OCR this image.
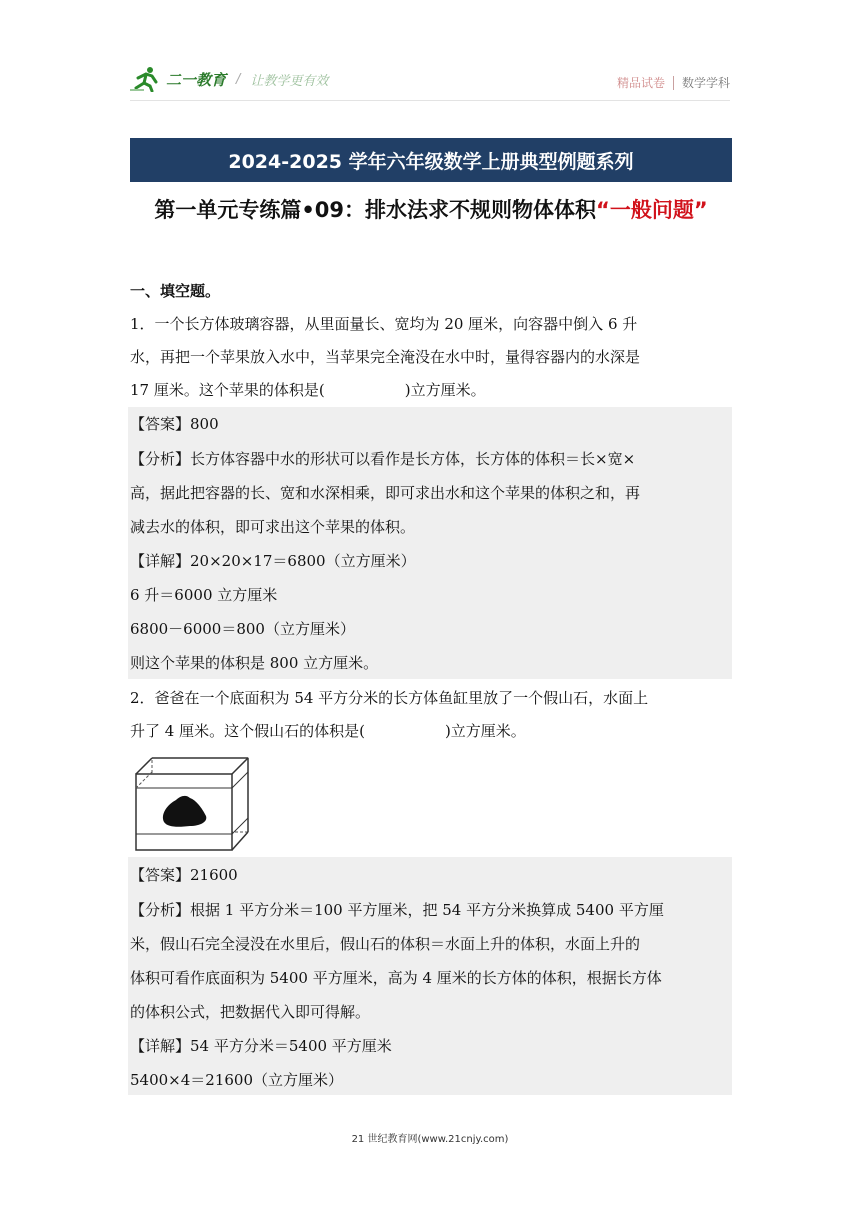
二一教育 / 让教学更有效	精品试卷 数学学科
2024-2025 学年六年级数学上册典型例题系列
第一单元专练篇•09：排水法求不规则物体体积“一般问题”
一、填空题。
1．一个长方体玻璃容器，从里面量长、宽均为 20 厘米，向容器中倒入 6 升
水，再把一个苹果放入水中，当苹果完全淹没在水中时，量得容器内的水深是
17 厘米。这个苹果的体积是(	)立方厘米。
【答案】800
【分析】长方体容器中水的形状可以看作是长方体，长方体的体积＝长×宽×
高，据此把容器的长、宽和水深相乘，即可求出水和这个苹果的体积之和，再
减去水的体积，即可求出这个苹果的体积。
【详解】20×20×17＝6800（立方厘米）
6 升＝6000 立方厘米
6800－6000＝800（立方厘米）
则这个苹果的体积是 800 立方厘米。
2．爸爸在一个底面积为 54 平方分米的长方体鱼缸里放了一个假山石，水面上
升了 4 厘米。这个假山石的体积是(	)立方厘米。
【答案】21600
【分析】根据 1 平方分米＝100 平方厘米，把 54 平方分米换算成 5400 平方厘
米，假山石完全浸没在水里后，假山石的体积＝水面上升的体积，水面上升的
体积可看作底面积为 5400 平方厘米，高为 4 厘米的长方体的体积，根据长方体
的体积公式，把数据代入即可得解。
【详解】54 平方分米＝5400 平方厘米
5400×4＝21600（立方厘米）
21 世纪教育网(www.21cnjy.com)
